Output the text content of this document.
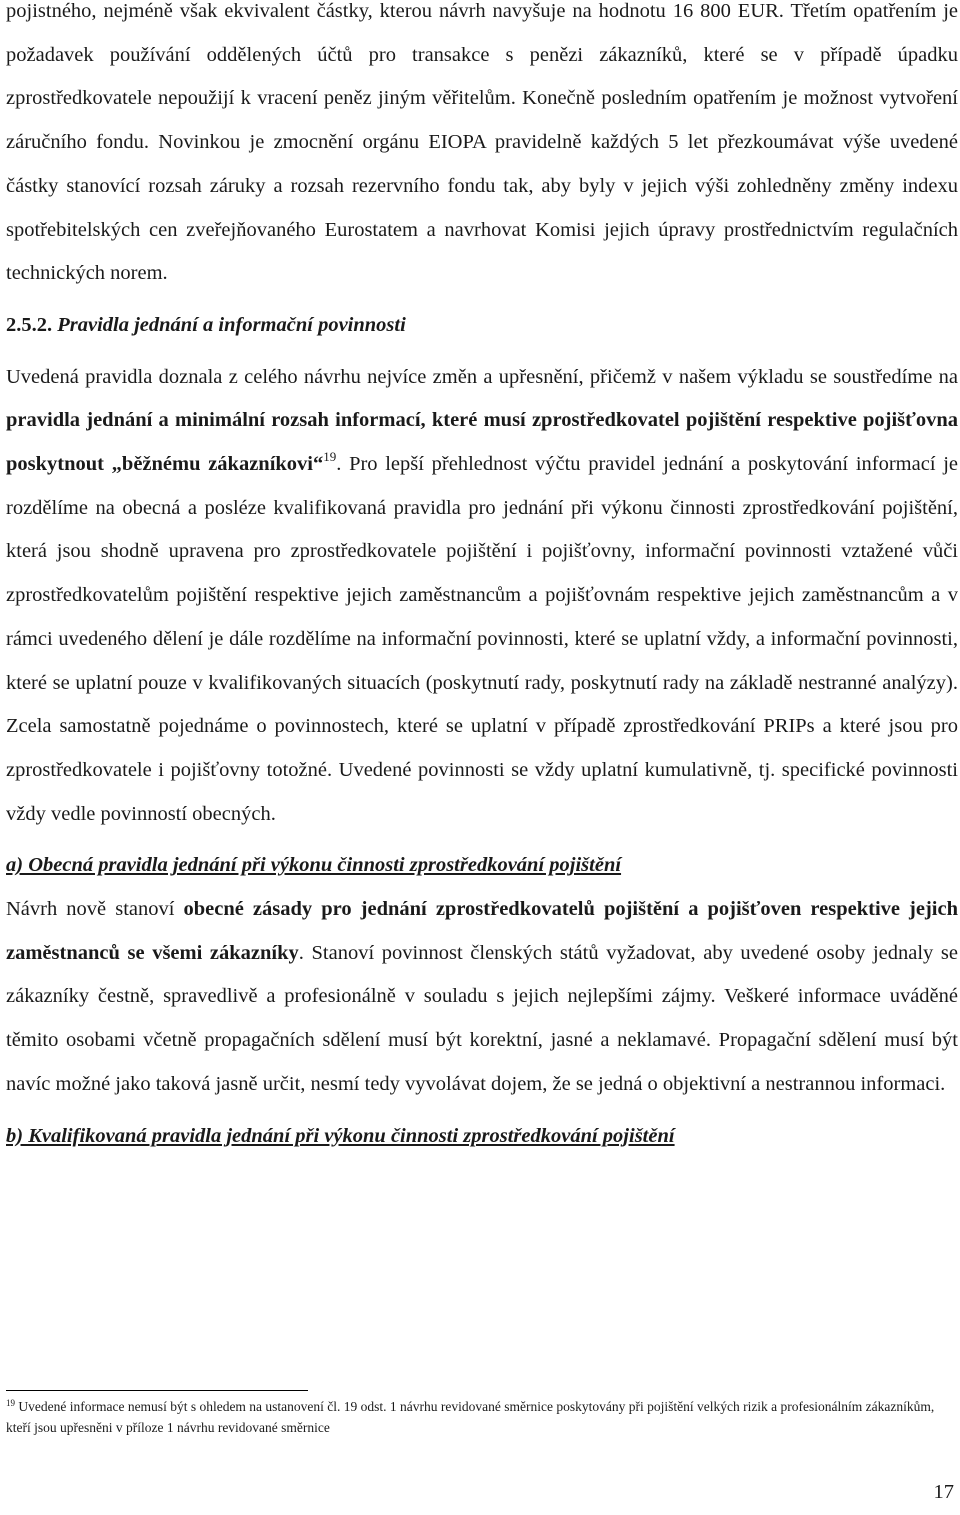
pojistného, nejméně však ekvivalent částky, kterou návrh navyšuje na hodnotu 16 800 EUR. Třetím opatřením je požadavek používání oddělených účtů pro transakce s penězi zákazníků, které se v případě úpadku zprostředkovatele nepoužijí k vracení peněz jiným věřitelům. Konečně posledním opatřením je možnost vytvoření záručního fondu. Novinkou je zmocnění orgánu EIOPA pravidelně každých 5 let přezkoumávat výše uvedené částky stanovící rozsah záruky a rozsah rezervního fondu tak, aby byly v jejich výši zohledněny změny indexu spotřebitelských cen zveřejňovaného Eurostatem a navrhovat Komisi jejich úpravy prostřednictvím regulačních technických norem.

2.5.2. Pravidla jednání a informační povinnosti

Uvedená pravidla doznala z celého návrhu nejvíce změn a upřesnění, přičemž v našem výkladu se soustředíme na pravidla jednání a minimální rozsah informací, které musí zprostředkovatel pojištění respektive pojišťovna poskytnout „běžnému zákazníkovi“$^{19}$. Pro lepší přehlednost výčtu pravidel jednání a poskytování informací je rozdělíme na obecná a posléze kvalifikovaná pravidla pro jednání při výkonu činnosti zprostředkování pojištění, která jsou shodně upravena pro zprostředkovatele pojištění i pojišťovny, informační povinnosti vztažené vůči zprostředkovatelům pojištění respektive jejich zaměstnancům a pojišťovnám respektive jejich zaměstnancům a v rámci uvedeného dělení je dále rozdělíme na informační povinnosti, které se uplatní vždy, a informační povinnosti, které se uplatní pouze v kvalifikovaných situacích (poskytnutí rady, poskytnutí rady na základě nestranné analýzy). Zcela samostatně pojednáme o povinnostech, které se uplatní v případě zprostředkování PRIPs a které jsou pro zprostředkovatele i pojišťovny totožné. Uvedené povinnosti se vždy uplatní kumulativně, tj. specifické povinnosti vždy vedle povinností obecných.

a) Obecná pravidla jednání při výkonu činnosti zprostředkování pojištění

Návrh nově stanoví obecné zásady pro jednání zprostředkovatelů pojištění a pojišťoven respektive jejich zaměstnanců se všemi zákazníky. Stanoví povinnost členských států vyžadovat, aby uvedené osoby jednaly se zákazníky čestně, spravedlivě a profesionálně v souladu s jejich nejlepšími zájmy. Veškeré informace uváděné těmito osobami včetně propagačních sdělení musí být korektní, jasné a neklamavé. Propagační sdělení musí být navíc možné jako taková jasně určit, nesmí tedy vyvolávat dojem, že se jedná o objektivní a nestrannou informaci.

b) Kvalifikovaná pravidla jednání při výkonu činnosti zprostředkování pojištění

$^{19}$ Uvedené informace nemusí být s ohledem na ustanovení čl. 19 odst. 1 návrhu revidované směrnice poskytovány při pojištění velkých rizik a profesionálním zákazníkům, kteří jsou upřesněni v příloze 1 návrhu revidované směrnice

17
